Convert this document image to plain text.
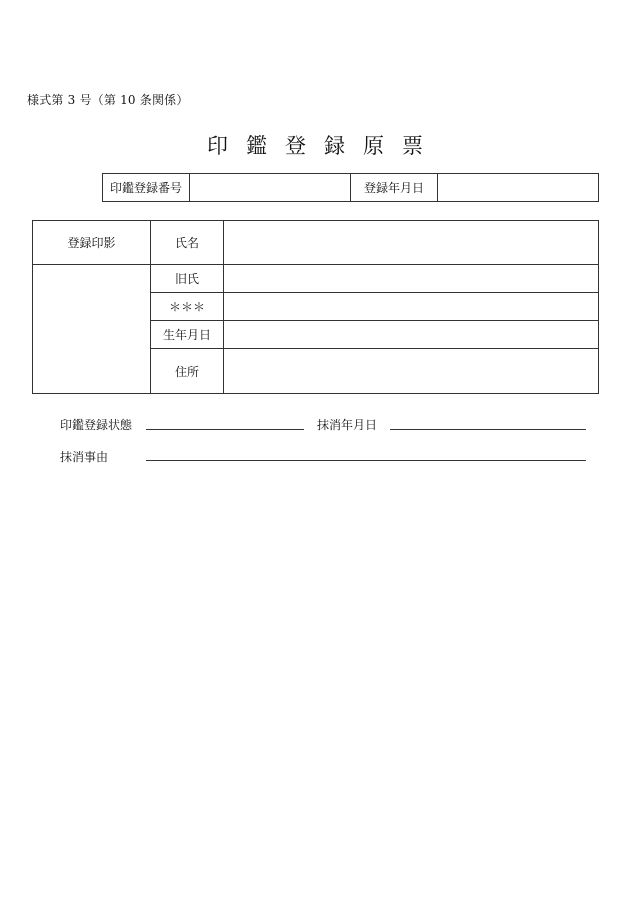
様式第 3 号（第 10 条関係）
印鑑登録原票
印鑑登録番号		登録年月日	
登録印影	氏名	
	旧氏	
	＊＊＊	
	生年月日	
	住所	
印鑑登録状態	抹消年月日
抹消事由
